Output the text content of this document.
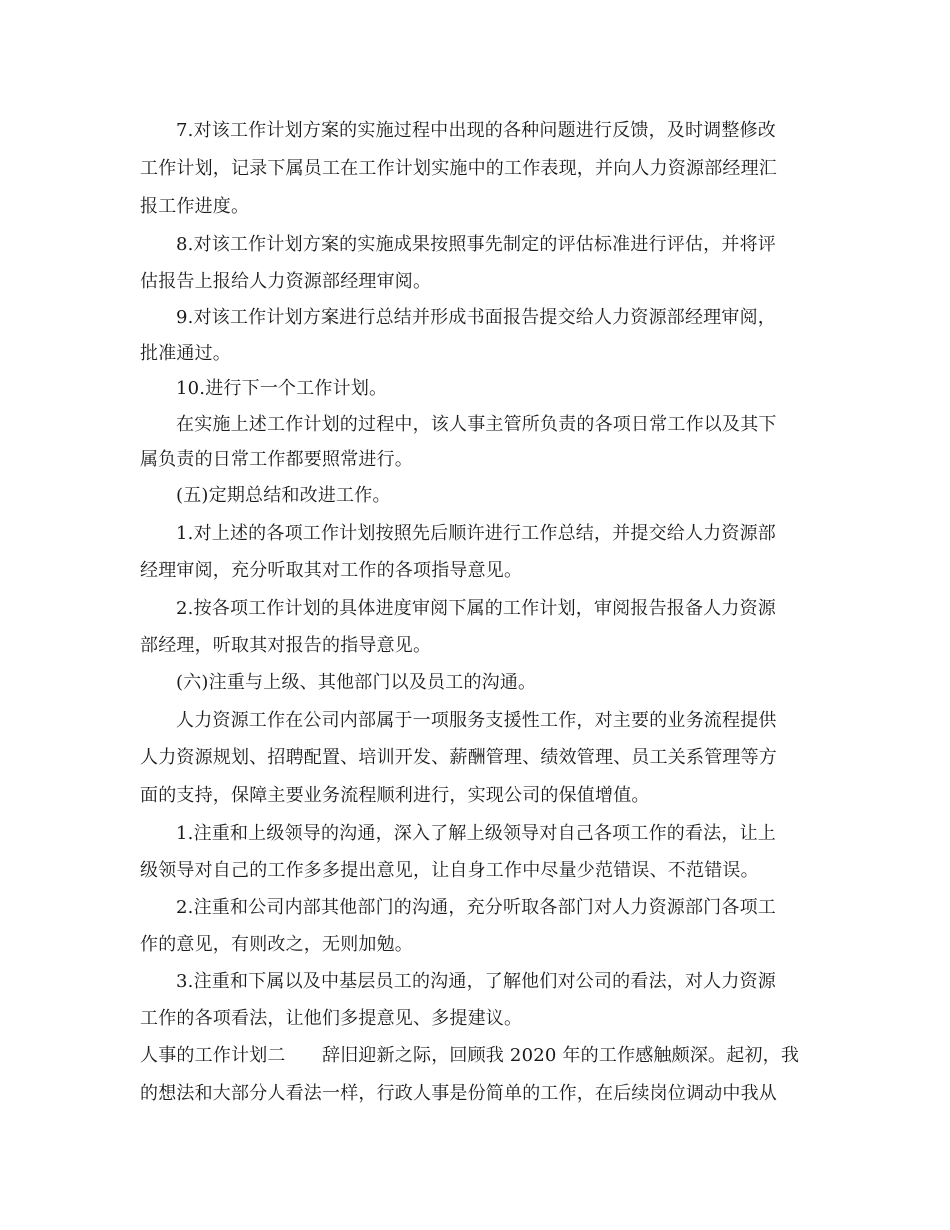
7.对该工作计划方案的实施过程中出现的各种问题进行反馈，及时调整修改
工作计划，记录下属员工在工作计划实施中的工作表现，并向人力资源部经理汇
报工作进度。
8.对该工作计划方案的实施成果按照事先制定的评估标准进行评估，并将评
估报告上报给人力资源部经理审阅。
9.对该工作计划方案进行总结并形成书面报告提交给人力资源部经理审阅，
批准通过。
10.进行下一个工作计划。
在实施上述工作计划的过程中，该人事主管所负责的各项日常工作以及其下
属负责的日常工作都要照常进行。
(五)定期总结和改进工作。
1.对上述的各项工作计划按照先后顺许进行工作总结，并提交给人力资源部
经理审阅，充分听取其对工作的各项指导意见。
2.按各项工作计划的具体进度审阅下属的工作计划，审阅报告报备人力资源
部经理，听取其对报告的指导意见。
(六)注重与上级、其他部门以及员工的沟通。
人力资源工作在公司内部属于一项服务支援性工作，对主要的业务流程提供
人力资源规划、招聘配置、培训开发、薪酬管理、绩效管理、员工关系管理等方
面的支持，保障主要业务流程顺利进行，实现公司的保值增值。
1.注重和上级领导的沟通，深入了解上级领导对自己各项工作的看法，让上
级领导对自己的工作多多提出意见，让自身工作中尽量少范错误、不范错误。
2.注重和公司内部其他部门的沟通，充分听取各部门对人力资源部门各项工
作的意见，有则改之，无则加勉。
3.注重和下属以及中基层员工的沟通，了解他们对公司的看法，对人力资源
工作的各项看法，让他们多提意见、多提建议。
人事的工作计划二　　辞旧迎新之际，回顾我 2020 年的工作感触颇深。起初，我
的想法和大部分人看法一样，行政人事是份简单的工作，在后续岗位调动中我从
